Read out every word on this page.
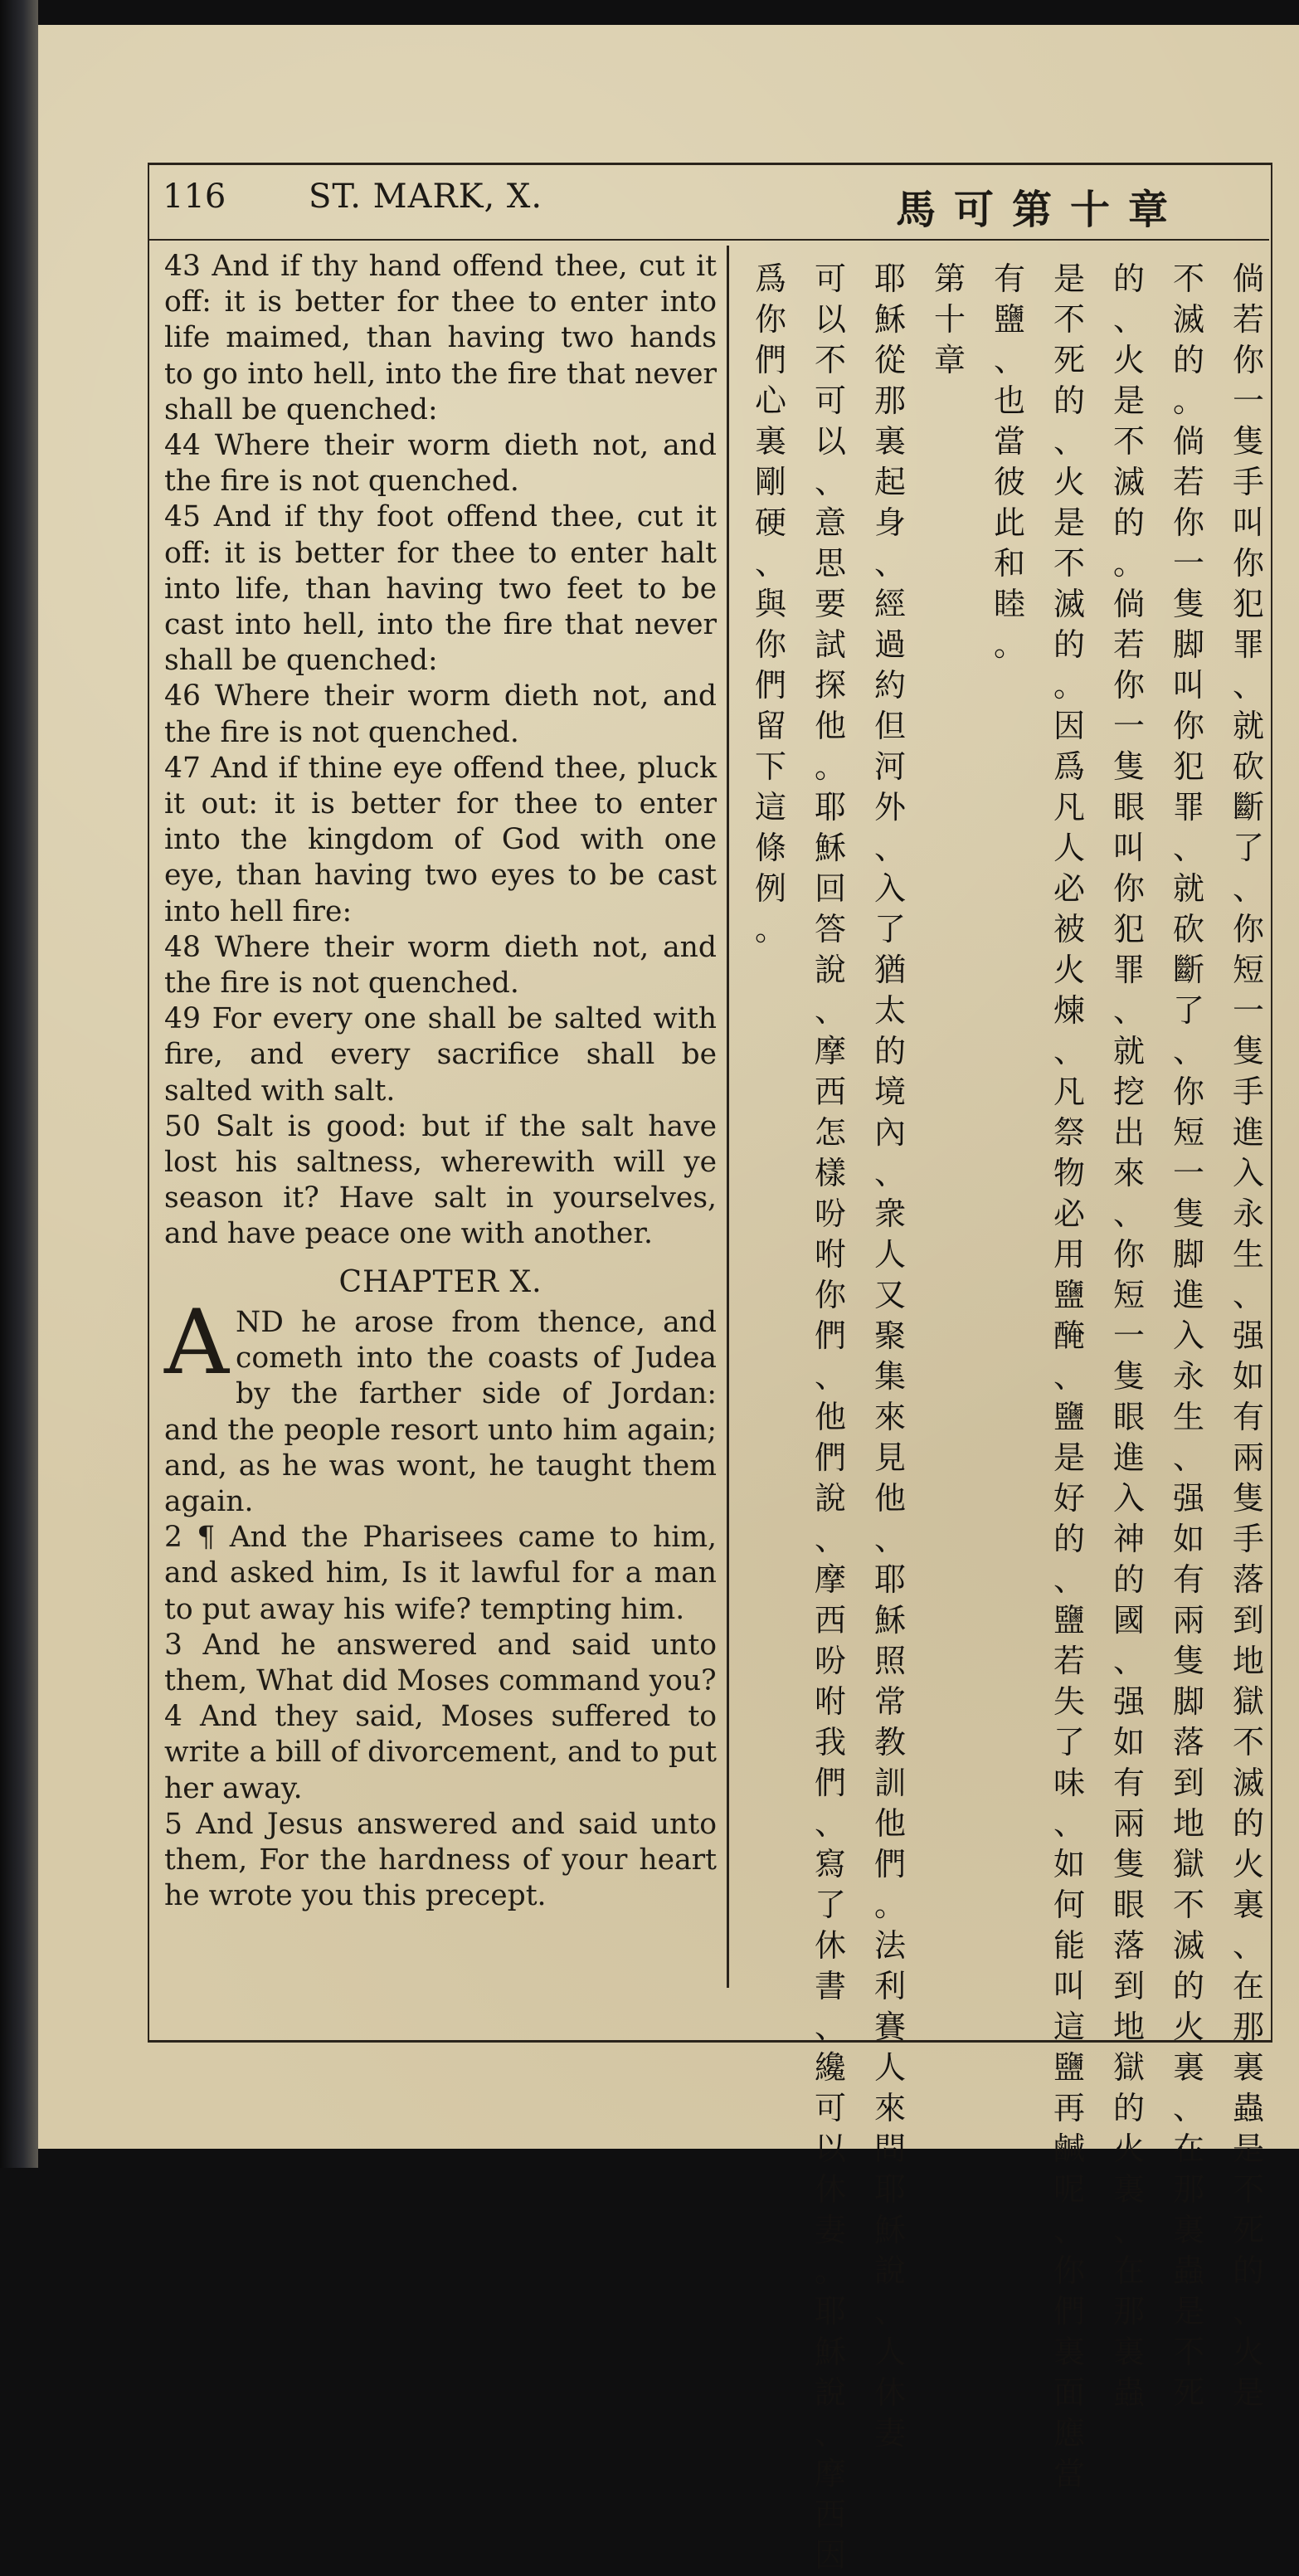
116 ST. MARK, X.	馬可第十章

43 And if thy hand offend thee, cut it off: it is better for thee to enter into life maimed, than having two hands to go into hell, into the fire that never shall be quenched:

44 Where their worm dieth not, and the fire is not quenched.

45 And if thy foot offend thee, cut it off: it is better for thee to enter halt into life, than having two feet to be cast into hell, into the fire that never shall be quenched:

46 Where their worm dieth not, and the fire is not quenched.

47 And if thine eye offend thee, pluck it out: it is better for thee to enter into the kingdom of God with one eye, than having two eyes to be cast into hell fire:

48 Where their worm dieth not, and the fire is not quenched.

49 For every one shall be salted with fire, and every sacrifice shall be salted with salt.

50 Salt is good: but if the salt have lost his saltness, wherewith will ye season it? Have salt in yourselves, and have peace one with another.

CHAPTER X.

AND he arose from thence, and cometh into the coasts of Judea by the farther side of Jordan: and the people resort unto him again; and, as he was wont, he taught them again.

2 ¶ And the Pharisees came to him, and asked him, Is it lawful for a man to put away his wife? tempting him.

3 And he answered and said unto them, What did Moses command you?

4 And they said, Moses suffered to write a bill of divorcement, and to put her away.

5 And Jesus answered and said unto them, For the hardness of your heart he wrote you this precept.

倘若你一隻手叫你犯罪、就砍斷了、你短一隻手進入永生、强如有兩隻手落到地獄不滅的火裏、在那裏蟲是不死的、火是
不滅的。倘若你一隻脚叫你犯罪、就砍斷了、你短一隻脚進入永生、强如有兩隻脚落到地獄不滅的火裏、在那裏蟲是不死
的、火是不滅的。倘若你一隻眼叫你犯罪、就挖出來、你短一隻眼進入神的國、强如有兩隻眼落到地獄的火裏、在那裏蟲
是不死的、火是不滅的。因爲凡人必被火煉、凡祭物必用鹽醃、鹽是好的、鹽若失了味、如何能叫這鹽再鹹呢、你們裏面應當
有鹽、也當彼此和睦。
第十章
耶穌從那裏起身、經過約但河外、入了猶太的境內、衆人又聚集來見他、耶穌照常教訓他們。法利賽人來問耶穌說、人休妻
可以不可以、意思要試探他。耶穌回答說、摩西怎樣吩咐你們、他們說、摩西吩咐我們、寫了休書、纔可以休妻。耶穌說、摩西因
爲你們心裏剛硬、與你們留下這條例。
